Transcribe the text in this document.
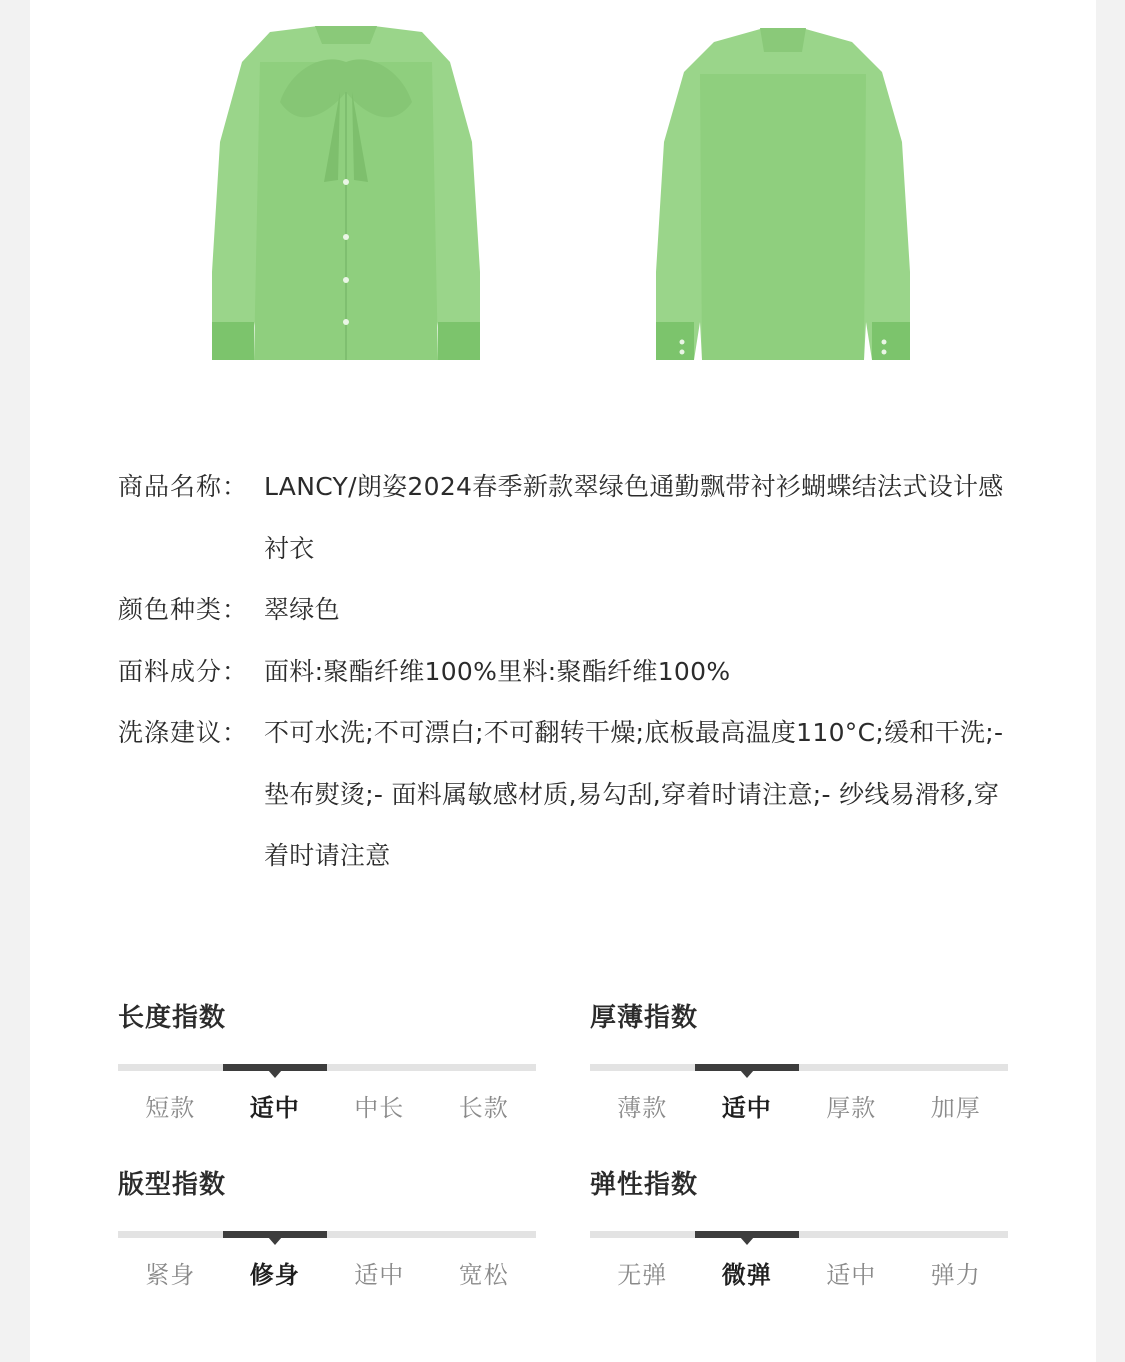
商品名称： LANCY/朗姿2024春季新款翠绿色通勤飘带衬衫蝴蝶结法式设计感衬衣
颜色种类： 翠绿色
面料成分： 面料:聚酯纤维100%里料:聚酯纤维100%
洗涤建议： 不可水洗;不可漂白;不可翻转干燥;底板最高温度110°C;缓和干洗;- 垫布熨烫;- 面料属敏感材质,易勾刮,穿着时请注意;- 纱线易滑移,穿着时请注意
长度指数
短款	适中	中长	长款
厚薄指数
薄款	适中	厚款	加厚
版型指数
紧身	修身	适中	宽松
弹性指数
无弹	微弹	适中	弹力
